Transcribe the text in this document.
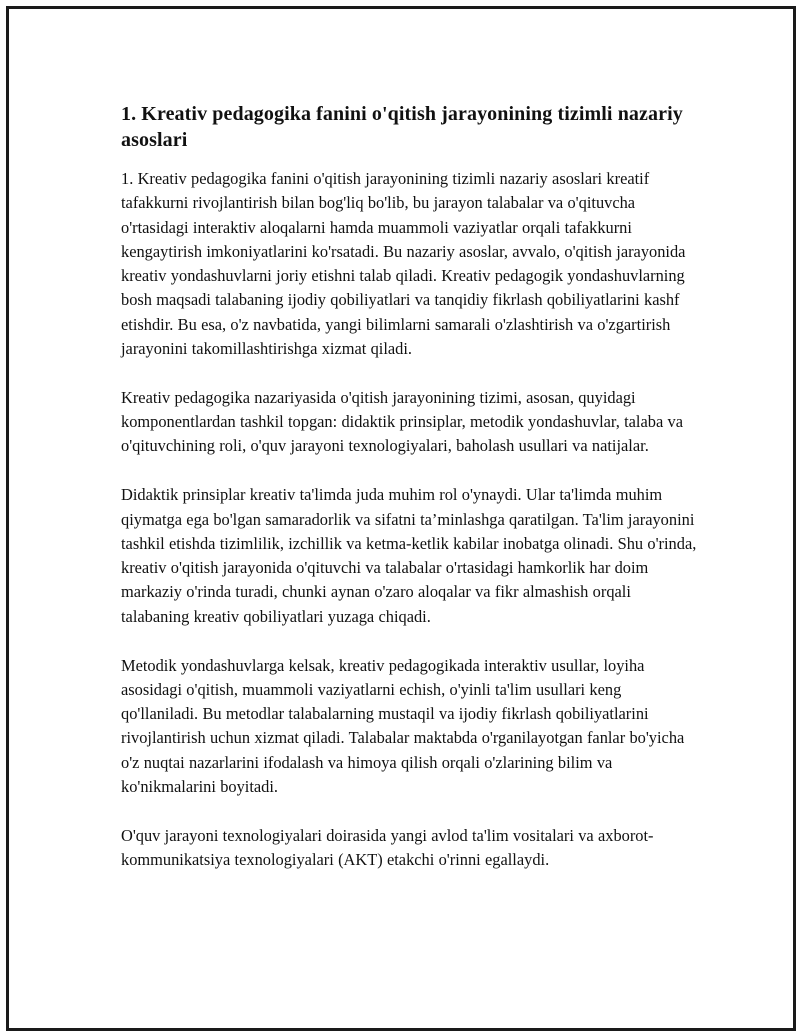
1. Kreativ pedagogika fanini o'qitish jarayonining tizimli nazariy asoslari

1. Kreativ pedagogika fanini o'qitish jarayonining tizimli nazariy asoslari kreatif tafakkurni rivojlantirish bilan bog'liq bo'lib, bu jarayon talabalar va o'qituvcha o'rtasidagi interaktiv aloqalarni hamda muammoli vaziyatlar orqali tafakkurni kengaytirish imkoniyatlarini ko'rsatadi. Bu nazariy asoslar, avvalo, o'qitish jarayonida kreativ yondashuvlarni joriy etishni talab qiladi. Kreativ pedagogik yondashuvlarning bosh maqsadi talabaning ijodiy qobiliyatlari va tanqidiy fikrlash qobiliyatlarini kashf etishdir. Bu esa, o'z navbatida, yangi bilimlarni samarali o'zlashtirish va o'zgartirish jarayonini takomillashtirishga xizmat qiladi.

Kreativ pedagogika nazariyasida o'qitish jarayonining tizimi, asosan, quyidagi komponentlardan tashkil topgan: didaktik prinsiplar, metodik yondashuvlar, talaba va o'qituvchining roli, o'quv jarayoni texnologiyalari, baholash usullari va natijalar.

Didaktik prinsiplar kreativ ta'limda juda muhim rol o'ynaydi. Ular ta'limda muhim qiymatga ega bo'lgan samaradorlik va sifatni ta’minlashga qaratilgan. Ta'lim jarayonini tashkil etishda tizimlilik, izchillik va ketma-ketlik kabilar inobatga olinadi. Shu o'rinda, kreativ o'qitish jarayonida o'qituvchi va talabalar o'rtasidagi hamkorlik har doim markaziy o'rinda turadi, chunki aynan o'zaro aloqalar va fikr almashish orqali talabaning kreativ qobiliyatlari yuzaga chiqadi.

Metodik yondashuvlarga kelsak, kreativ pedagogikada interaktiv usullar, loyiha asosidagi o'qitish, muammoli vaziyatlarni echish, o'yinli ta'lim usullari keng qo'llaniladi. Bu metodlar talabalarning mustaqil va ijodiy fikrlash qobiliyatlarini rivojlantirish uchun xizmat qiladi. Talabalar maktabda o'rganilayotgan fanlar bo'yicha o'z nuqtai nazarlarini ifodalash va himoya qilish orqali o'zlarining bilim va ko'nikmalarini boyitadi.

O'quv jarayoni texnologiyalari doirasida yangi avlod ta'lim vositalari va axborot-kommunikatsiya texnologiyalari (AKT) etakchi o'rinni egallaydi.
